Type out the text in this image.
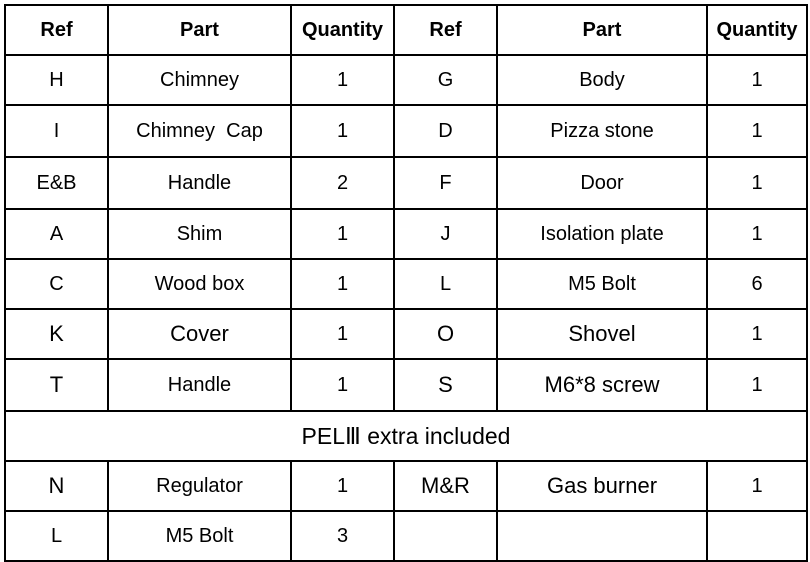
Ref	Part	Quantity	Ref	Part	Quantity
H	Chimney	1	G	Body	1
I	Chimney  Cap	1	D	Pizza stone	1
E&B	Handle	2	F	Door	1
A	Shim	1	J	Isolation plate	1
C	Wood box	1	L	M5 Bolt	6
K	Cover	1	O	Shovel	1
T	Handle	1	S	M6*8 screw	1
PELⅢ extra included					
N	Regulator	1	M&R	Gas burner	1
L	M5 Bolt	3			
